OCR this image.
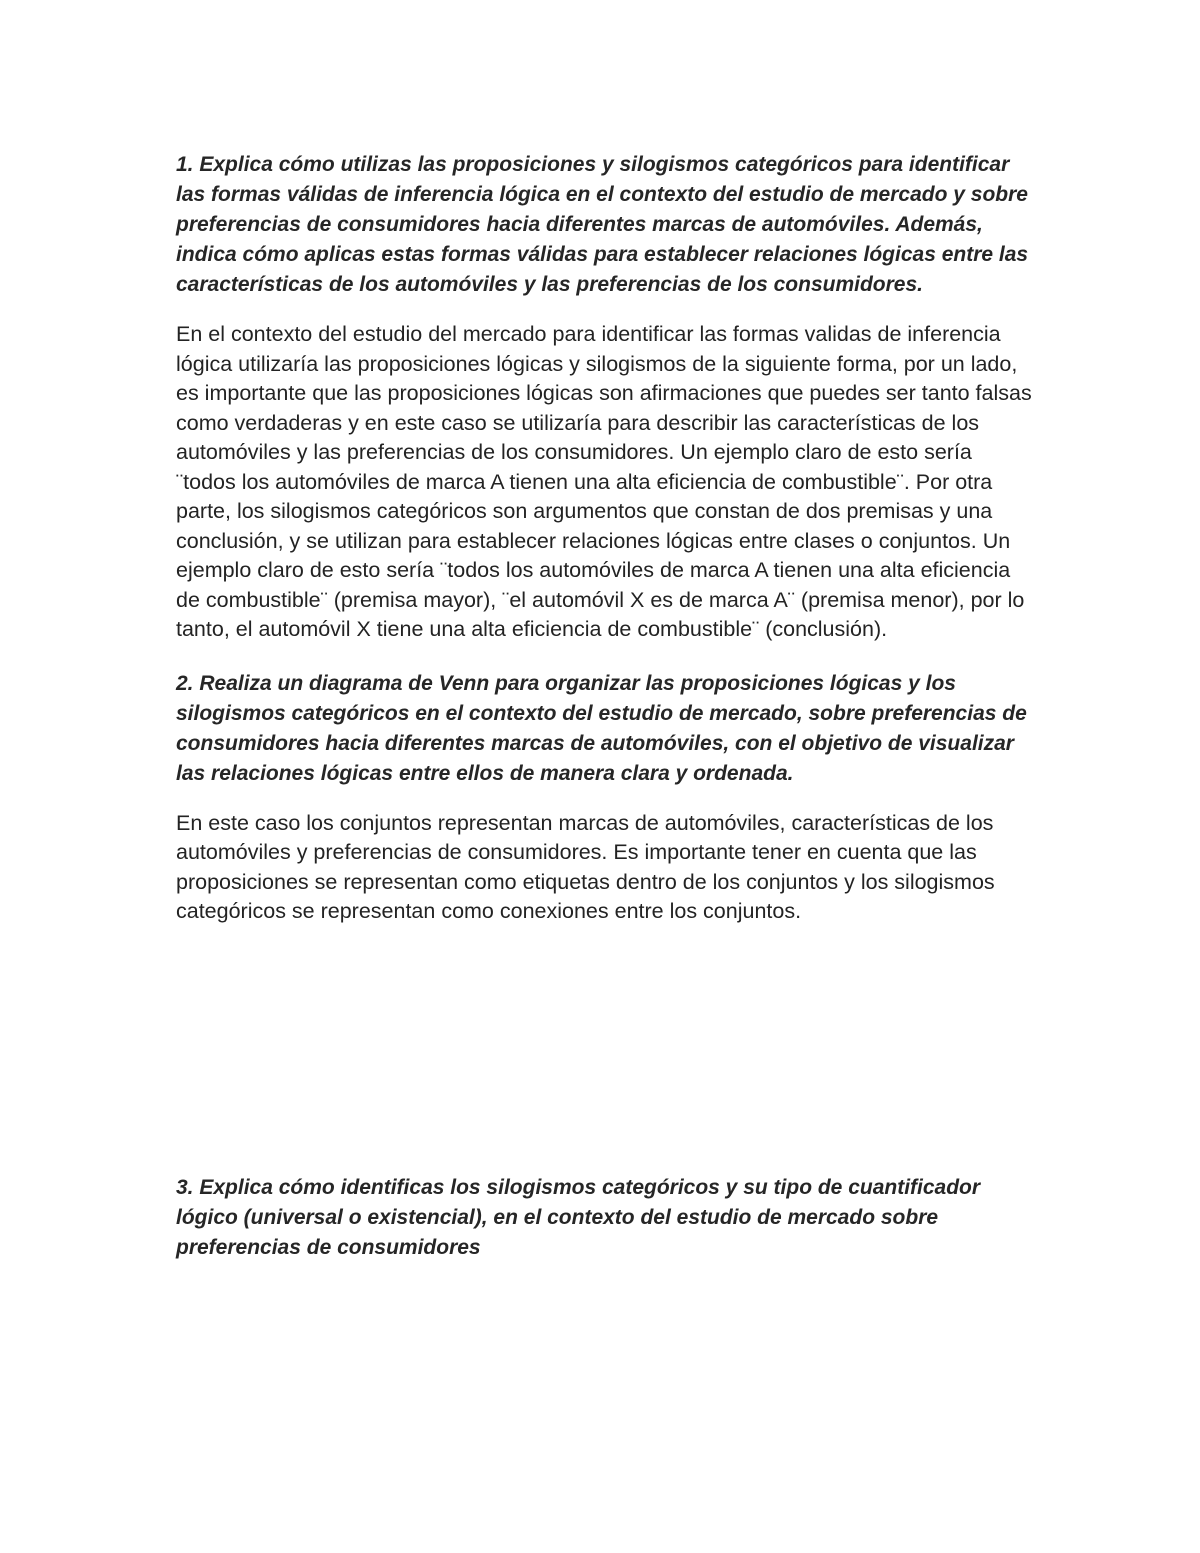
1. Explica cómo utilizas las proposiciones y silogismos categóricos para identificar las formas válidas de inferencia lógica en el contexto del estudio de mercado y sobre preferencias de consumidores hacia diferentes marcas de automóviles. Además, indica cómo aplicas estas formas válidas para establecer relaciones lógicas entre las características de los automóviles y las preferencias de los consumidores.

En el contexto del estudio del mercado para identificar las formas validas de inferencia lógica utilizaría las proposiciones lógicas y silogismos de la siguiente forma, por un lado, es importante que las proposiciones lógicas son afirmaciones que puedes ser tanto falsas como verdaderas y en este caso se utilizaría para describir las características de los automóviles y las preferencias de los consumidores. Un ejemplo claro de esto sería ¨todos los automóviles de marca A tienen una alta eficiencia de combustible¨. Por otra parte, los silogismos categóricos son argumentos que constan de dos premisas y una conclusión, y se utilizan para establecer relaciones lógicas entre clases o conjuntos. Un ejemplo claro de esto sería ¨todos los automóviles de marca A tienen una alta eficiencia de combustible¨ (premisa mayor), ¨el automóvil X es de marca A¨ (premisa menor), por lo tanto, el automóvil X tiene una alta eficiencia de combustible¨ (conclusión).

2. Realiza un diagrama de Venn para organizar las proposiciones lógicas y los silogismos categóricos en el contexto del estudio de mercado, sobre preferencias de consumidores hacia diferentes marcas de automóviles, con el objetivo de visualizar las relaciones lógicas entre ellos de manera clara y ordenada.

En este caso los conjuntos representan marcas de automóviles, características de los automóviles y preferencias de consumidores. Es importante tener en cuenta que las proposiciones se representan como etiquetas dentro de los conjuntos y los silogismos categóricos se representan como conexiones entre los conjuntos.

3. Explica cómo identificas los silogismos categóricos y su tipo de cuantificador lógico (universal o existencial), en el contexto del estudio de mercado sobre preferencias de consumidores
